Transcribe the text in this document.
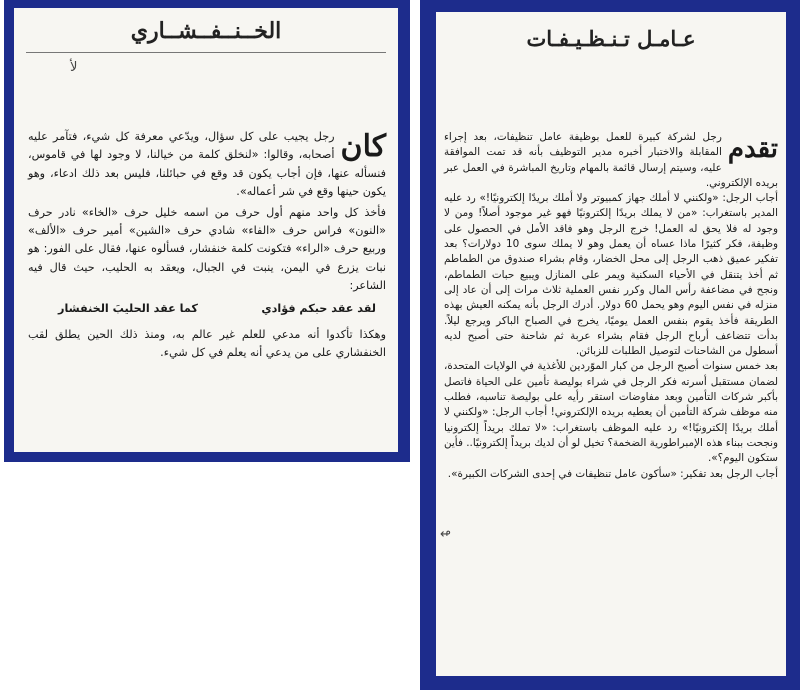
الخــنــفــشــاري
ﻷ
كان

رجل يجيب على كل سؤال، ويدّعي معرفة كل شيء، فتآمر عليه أصحابه، وقالوا: «لنخلق كلمة من خيالنا، لا وجود لها في قاموس، فنسأله عنها، فإن أجاب يكون قد وقع في حبائلنا، فليس بعد ذلك ادعاء، وهو يكون حينها وقع في شر أعماله».

فأخذ كل واحد منهم أول حرف من اسمه خليل حرف «الخاء» نادر حرف «النون» فراس حرف «الفاء» شادي حرف «الشين» أمير حرف «الألف» وربيع حرف «الراء» فتكونت كلمة خنفشار، فسألوه عنها، فقال على الفور: هو نبات يزرع في اليمن، ينبت في الجبال، ويعقد به الحليب، حيث قال فيه الشاعر:

لقد عقد حبكم فؤادي
كما عقد الحليبَ الخنفشار

وهكذا تأكدوا أنه مدعي للعلم غير عالم به، ومنذ ذلك الحين يطلق لقب الخنفشاري على من يدعي أنه يعلم في كل شيء.

عـامـل تـنـظـيـفـات
↫
تقدم

رجل لشركة كبيرة للعمل بوظيفة عامل تنظيفات، بعد إجراء المقابلة والاختبار أخبره مدير التوظيف بأنه قد تمت الموافقة عليه، وسيتم إرسال قائمة بالمهام وتاريخ المباشرة في العمل عبر بريده الإلكتروني.

أجاب الرجل: «ولكنني لا أملك جهاز كمبيوتر ولا أملك بريدًا إلكترونيًا!» رد عليه المدير باستغراب: «من لا يملك بريدًا إلكترونيًا فهو غير موجود أصلاً! ومن لا وجود له فلا يحق له العمل! خرج الرجل وهو فاقد الأمل في الحصول على وظيفة، فكر كثيرًا ماذا عساه أن يعمل وهو لا يملك سوى 10 دولارات؟ بعد تفكير عميق ذهب الرجل إلى محل الخضار، وقام بشراء صندوق من الطماطم ثم أخذ يتنقل في الأحياء السكنية ويمر على المنازل ويبيع حبات الطماطم، ونجح في مضاعفة رأس المال وكرر نفس العملية ثلاث مرات إلى أن عاد إلى منزله في نفس اليوم وهو يحمل 60 دولار. أدرك الرجل بأنه يمكنه العيش بهذه الطريقة فأخذ يقوم بنفس العمل يوميًا، يخرج في الصباح الباكر ويرجع ليلاً. بدأت تتضاعف أرباح الرجل فقام بشراء عربة ثم شاحنة حتى أصبح لديه أسطول من الشاحنات لتوصيل الطلبات للزبائن.

بعد خمس سنوات أصبح الرجل من كبار الموّردين للأغذية في الولايات المتحدة، لضمان مستقبل أسرته فكر الرجل في شراء بوليصة تأمين على الحياة فاتصل بأكبر شركات التأمين وبعد مفاوضات استقر رأيه على بوليصة تناسبه، فطلب منه موظف شركة التأمين أن يعطيه بريده الإلكتروني! أجاب الرجل: «ولكنني لا أملك بريدًا إلكترونيًا!» رد عليه الموظف باستغراب: «لا تملك بريداً إلكترونيا ونجحت ببناء هذه الإمبراطورية الضخمة؟ تخيل لو أن لديك بريداً إلكترونيًا.. فأين ستكون اليوم؟».

أجاب الرجل بعد تفكير: «سأكون عامل تنظيفات في إحدى الشركات الكبيرة».
